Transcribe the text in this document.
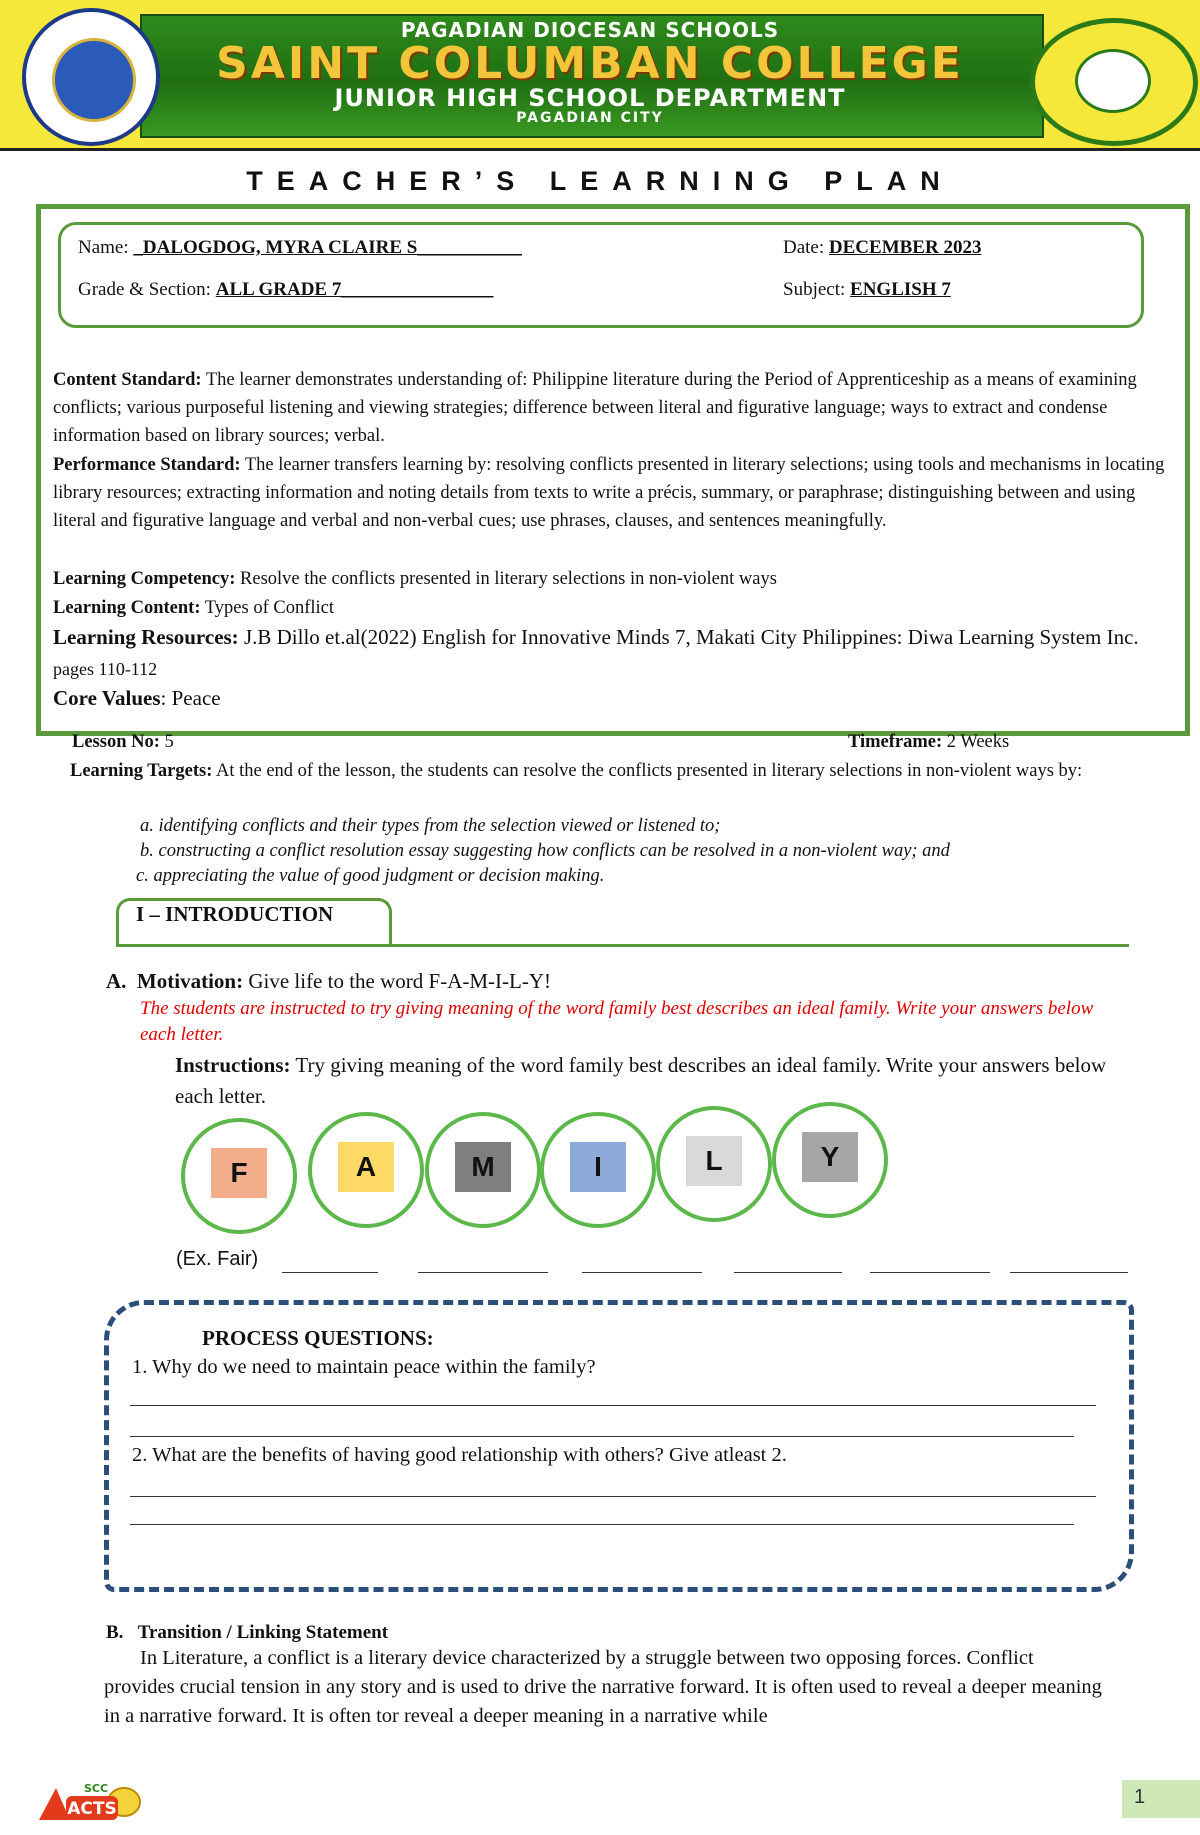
PAGADIAN DIOCESAN SCHOOLS
SAINT COLUMBAN COLLEGE
JUNIOR HIGH SCHOOL DEPARTMENT
PAGADIAN CITY
TEACHER’S LEARNING PLAN
Name: _DALOGDOG, MYRA CLAIRE S___________	Date: DECEMBER 2023
Grade & Section: ALL GRADE 7________________	Subject: ENGLISH 7
Content Standard: The learner demonstrates understanding of: Philippine literature during the Period of Apprenticeship as a means of examining conflicts; various purposeful listening and viewing strategies; difference between literal and figurative language; ways to extract and condense information based on library sources; verbal.
Performance Standard: The learner transfers learning by: resolving conflicts presented in literary selections; using tools and mechanisms in locating library resources; extracting information and noting details from texts to write a précis, summary, or paraphrase; distinguishing between and using literal and figurative language and verbal and non-verbal cues; use phrases, clauses, and sentences meaningfully.
Learning Competency: Resolve the conflicts presented in literary selections in non-violent ways
Learning Content: Types of Conflict
Learning Resources: J.B Dillo et.al(2022) English for Innovative Minds 7, Makati City Philippines: Diwa Learning System Inc. pages 110-112
Core Values: Peace
Lesson No: 5	Timeframe: 2 Weeks
Learning Targets: At the end of the lesson, the students can resolve the conflicts presented in literary selections in non-violent ways by:
a. identifying conflicts and their types from the selection viewed or listened to;
b. constructing a conflict resolution essay suggesting how conflicts can be resolved in a non-violent way; and
c. appreciating the value of good judgment or decision making.
I – INTRODUCTION
A. Motivation: Give life to the word F-A-M-I-L-Y!
The students are instructed to try giving meaning of the word family best describes an ideal family. Write your answers below each letter.
Instructions: Try giving meaning of the word family best describes an ideal family. Write your answers below each letter.
F	A	M	I	L	Y
(Ex. Fair)
PROCESS QUESTIONS:
1. Why do we need to maintain peace within the family?
2. What are the benefits of having good relationship with others? Give atleast 2.
B. Transition / Linking Statement
In Literature, a conflict is a literary device characterized by a struggle between two opposing forces. Conflict provides crucial tension in any story and is used to drive the narrative forward. It is often used to reveal a deeper meaning in a narrative forward. It is often tor reveal a deeper meaning in a narrative while
ACTS
SCC	1
